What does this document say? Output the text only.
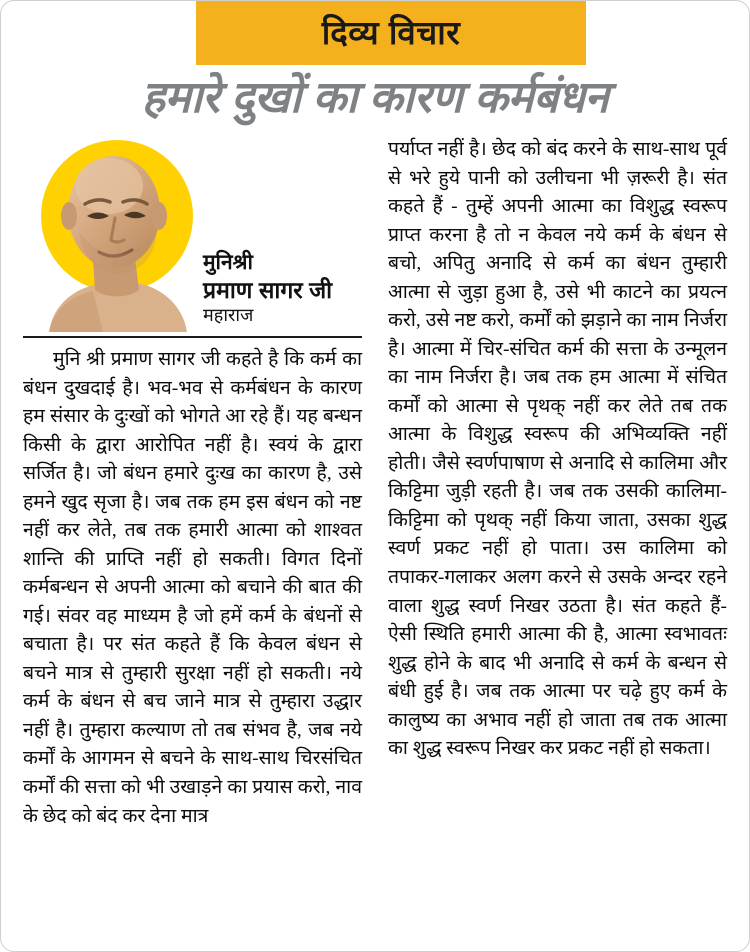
दिव्य विचार
हमारे दुखों का कारण कर्मबंधन
मुनिश्री
प्रमाण सागर जी
महाराज

मुनि श्री प्रमाण सागर जी कहते है कि कर्म का बंधन दुखदाई है। भव-भव से कर्मबंधन के कारण हम संसार के दुःखों को भोगते आ रहे हैं। यह बन्धन किसी के द्वारा आरोपित नहीं है। स्वयं के द्वारा सर्जित है। जो बंधन हमारे दुःख का कारण है, उसे हमने खुद सृजा है। जब तक हम इस बंधन को नष्ट नहीं कर लेते, तब तक हमारी आत्मा को शाश्वत शान्ति की प्राप्ति नहीं हो सकती। विगत दिनों कर्मबन्धन से अपनी आत्मा को बचाने की बात की गई। संवर वह माध्यम है जो हमें कर्म के बंधनों से बचाता है। पर संत कहते हैं कि केवल बंधन से बचने मात्र से तुम्हारी सुरक्षा नहीं हो सकती। नये कर्म के बंधन से बच जाने मात्र से तुम्हारा उद्धार नहीं है। तुम्हारा कल्याण तो तब संभव है, जब नये कर्मों के आगमन से बचने के साथ-साथ चिरसंचित कर्मों की सत्ता को भी उखाड़ने का प्रयास करो, नाव के छेद को बंद कर देना मात्र

पर्याप्त नहीं है। छेद को बंद करने के साथ-साथ पूर्व से भरे हुये पानी को उलीचना भी ज़रूरी है। संत कहते हैं - तुम्हें अपनी आत्मा का विशुद्ध स्वरूप प्राप्त करना है तो न केवल नये कर्म के बंधन से बचो, अपितु अनादि से कर्म का बंधन तुम्हारी आत्मा से जुड़ा हुआ है, उसे भी काटने का प्रयत्न करो, उसे नष्ट करो, कर्मों को झड़ाने का नाम निर्जरा है। आत्मा में चिर-संचित कर्म की सत्ता के उन्मूलन का नाम निर्जरा है। जब तक हम आत्मा में संचित कर्मों को आत्मा से पृथक् नहीं कर लेते तब तक आत्मा के विशुद्ध स्वरूप की अभिव्यक्ति नहीं होती। जैसे स्वर्णपाषाण से अनादि से कालिमा और किट्टिमा जुड़ी रहती है। जब तक उसकी कालिमा-किट्टिमा को पृथक् नहीं किया जाता, उसका शुद्ध स्वर्ण प्रकट नहीं हो पाता। उस कालिमा को तपाकर-गलाकर अलग करने से उसके अन्दर रहने वाला शुद्ध स्वर्ण निखर उठता है। संत कहते हैं- ऐसी स्थिति हमारी आत्मा की है, आत्मा स्वभावतः शुद्ध होने के बाद भी अनादि से कर्म के बन्धन से बंधी हुई है। जब तक आत्मा पर चढ़े हुए कर्म के कालुष्य का अभाव नहीं हो जाता तब तक आत्मा का शुद्ध स्वरूप निखर कर प्रकट नहीं हो सकता।
